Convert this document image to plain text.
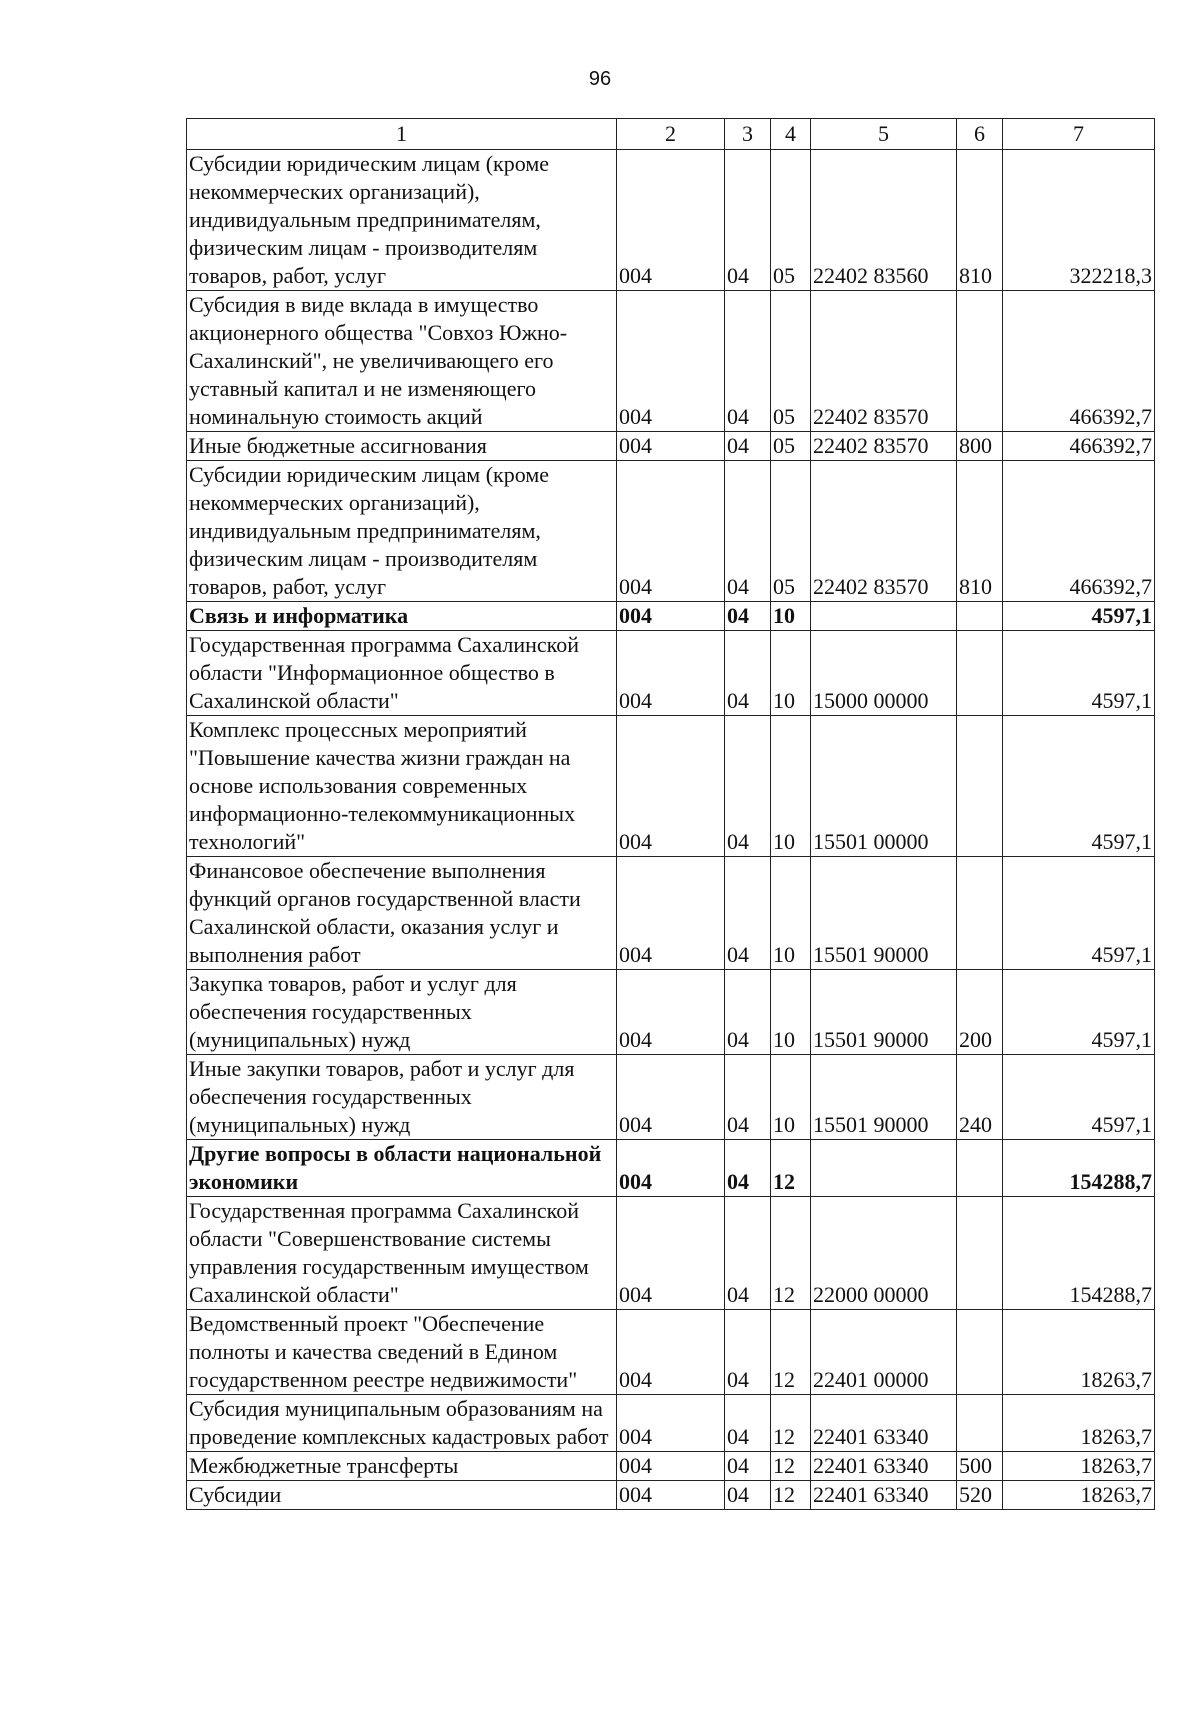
96
1	2	3	4	5	6	7
Субсидии юридическим лицам (кроме некоммерческих организаций), индивидуальным предпринимателям, физическим лицам - производителям товаров, работ, услуг	004	04	05	22402 83560	810	322218,3
Субсидия в виде вклада в имущество акционерного общества "Совхоз Южно-Сахалинский", не увеличивающего его уставный капитал и не изменяющего номинальную стоимость акций	004	04	05	22402 83570		466392,7
Иные бюджетные ассигнования	004	04	05	22402 83570	800	466392,7
Субсидии юридическим лицам (кроме некоммерческих организаций), индивидуальным предпринимателям, физическим лицам - производителям товаров, работ, услуг	004	04	05	22402 83570	810	466392,7
Связь и информатика	004	04	10			4597,1
Государственная программа Сахалинской области "Информационное общество в Сахалинской области"	004	04	10	15000 00000		4597,1
Комплекс процессных мероприятий "Повышение качества жизни граждан на основе использования современных информационно-телекоммуникационных технологий"	004	04	10	15501 00000		4597,1
Финансовое обеспечение выполнения функций органов государственной власти Сахалинской области, оказания услуг и выполнения работ	004	04	10	15501 90000		4597,1
Закупка товаров, работ и услуг для обеспечения государственных (муниципальных) нужд	004	04	10	15501 90000	200	4597,1
Иные закупки товаров, работ и услуг для обеспечения государственных (муниципальных) нужд	004	04	10	15501 90000	240	4597,1
Другие вопросы в области национальной экономики	004	04	12			154288,7
Государственная программа Сахалинской области "Совершенствование системы управления государственным имуществом Сахалинской области"	004	04	12	22000 00000		154288,7
Ведомственный проект "Обеспечение полноты и качества сведений в Едином государственном реестре недвижимости"	004	04	12	22401 00000		18263,7
Субсидия муниципальным образованиям на проведение комплексных кадастровых работ	004	04	12	22401 63340		18263,7
Межбюджетные трансферты	004	04	12	22401 63340	500	18263,7
Субсидии	004	04	12	22401 63340	520	18263,7
